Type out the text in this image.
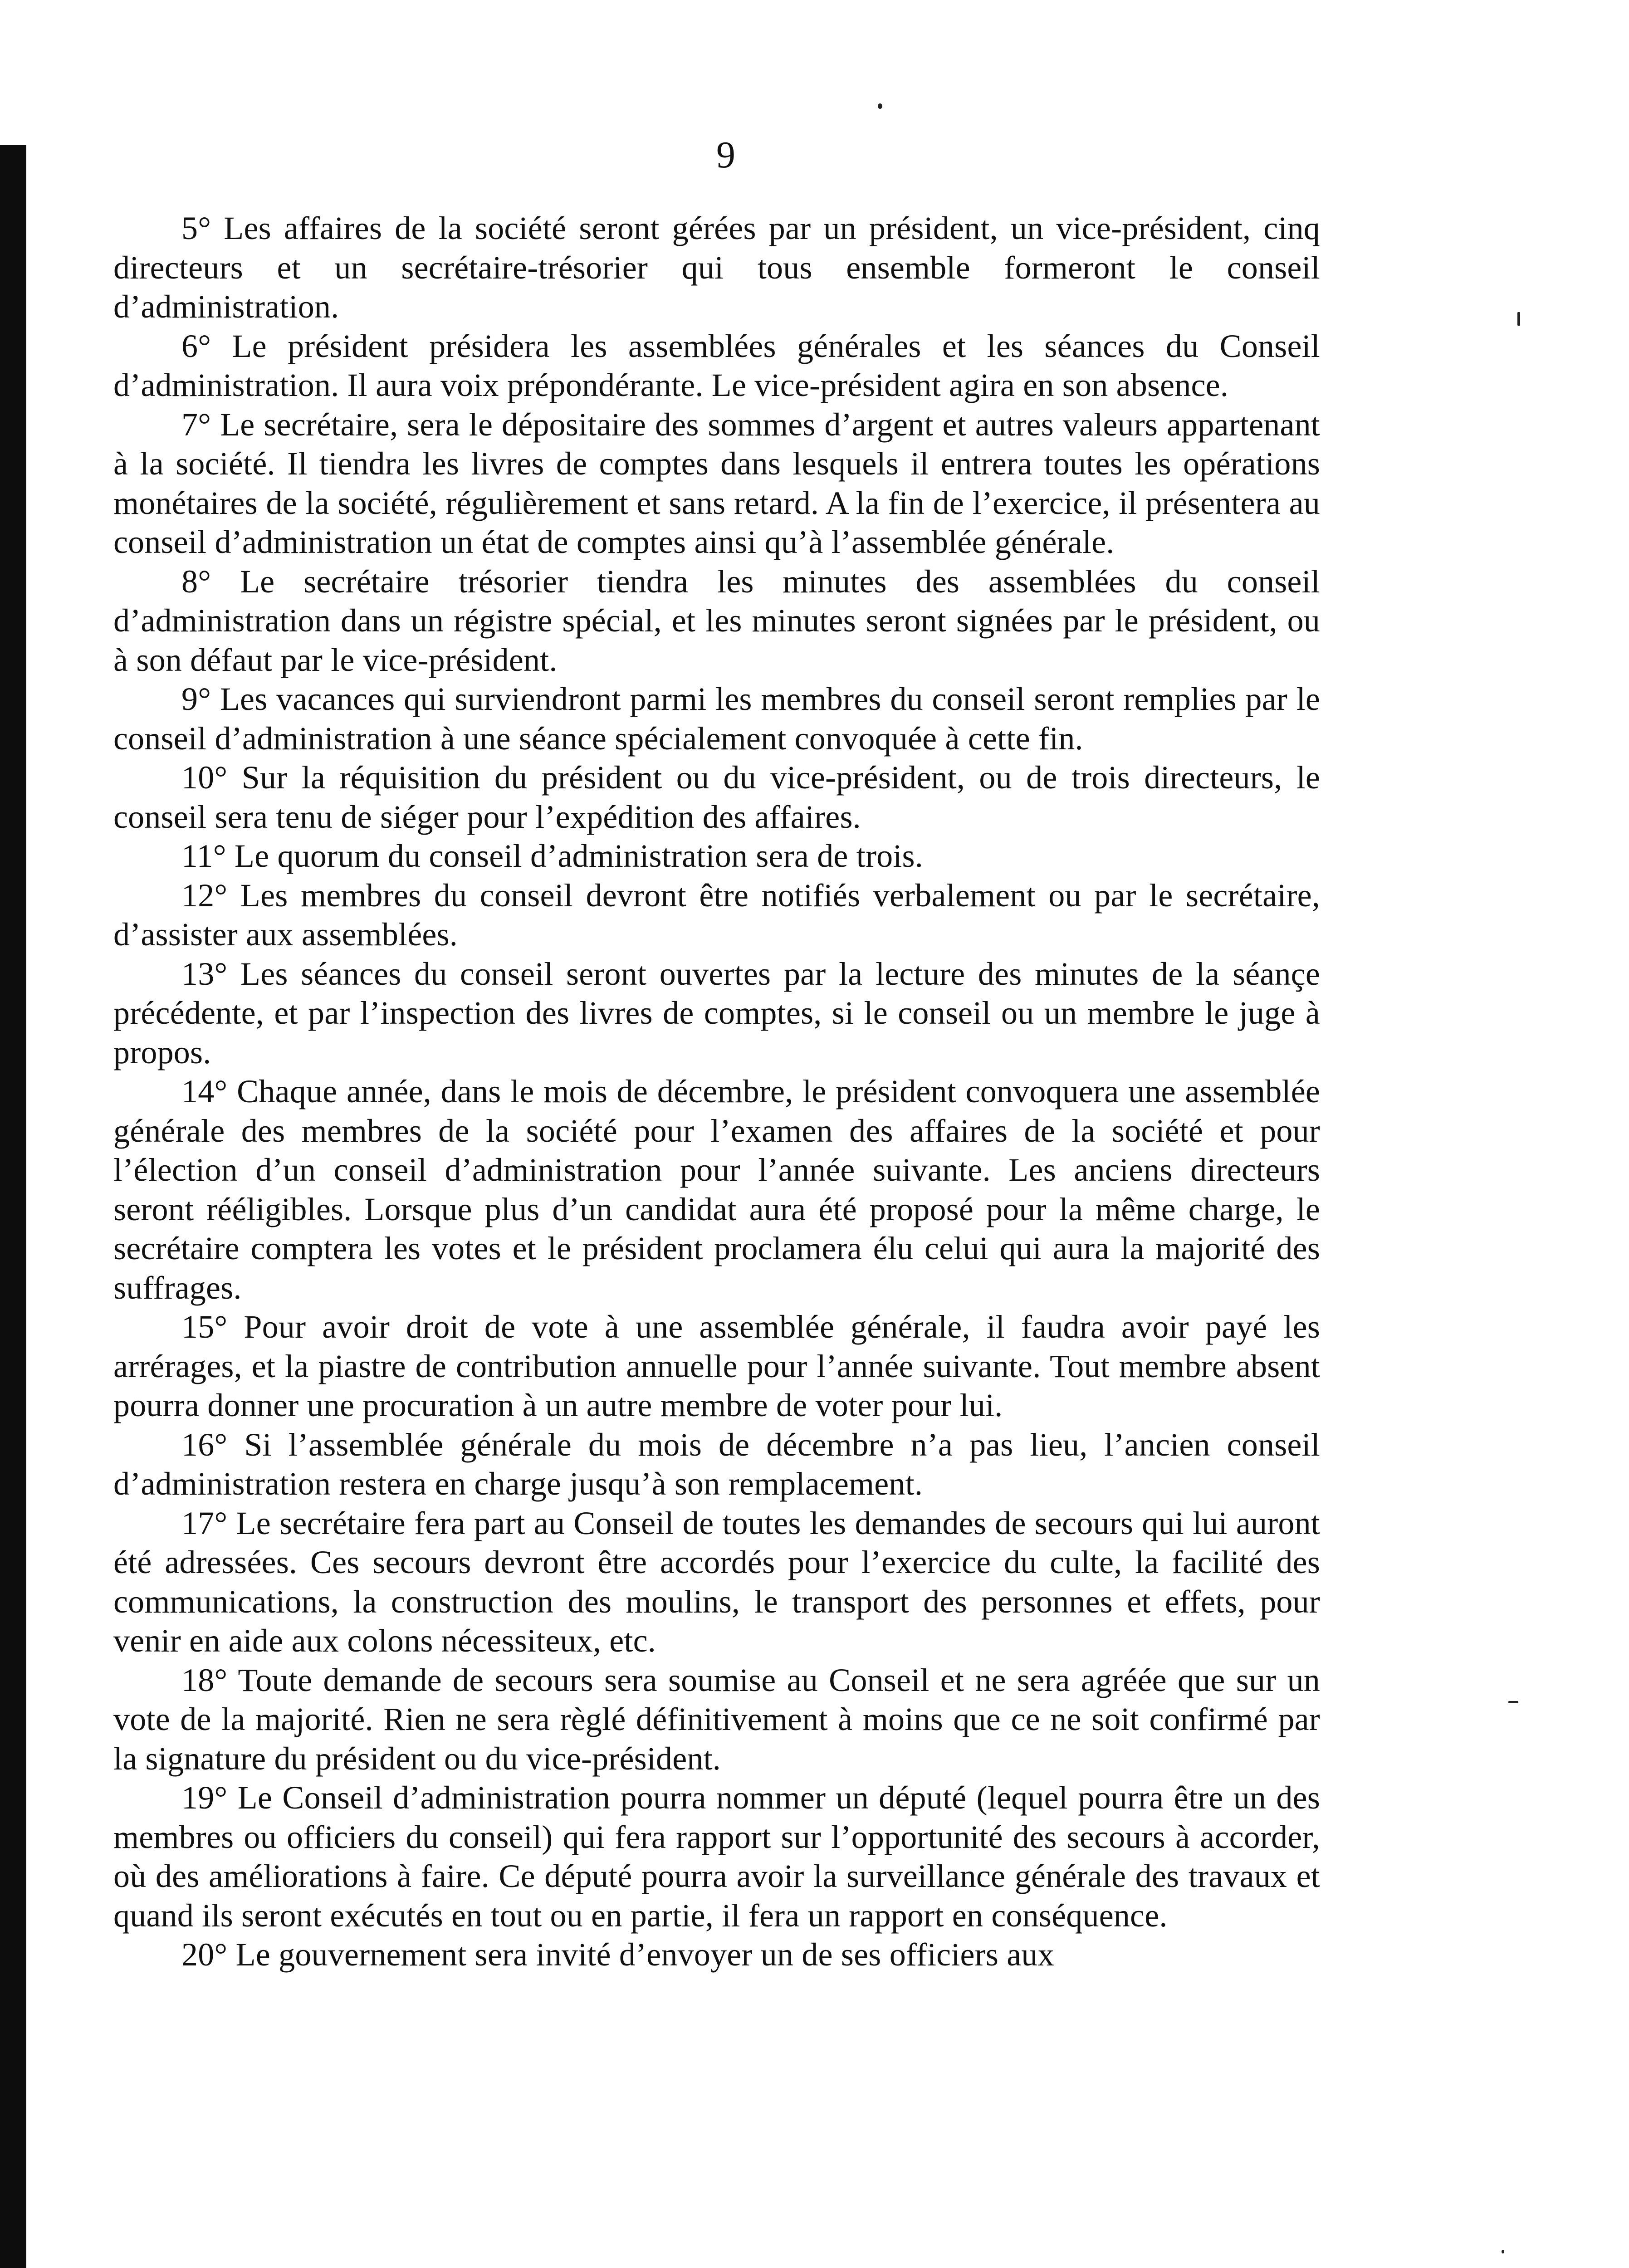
9

5° Les affaires de la société seront gérées par un président, un vice-président, cinq directeurs et un secrétaire-trésorier qui tous ensemble formeront le conseil d’administration.

6° Le président présidera les assemblées générales et les séances du Conseil d’administration. Il aura voix prépondérante. Le vice-président agira en son absence.

7° Le secrétaire, sera le dépositaire des sommes d’argent et autres valeurs appartenant à la société. Il tiendra les livres de comptes dans lesquels il entrera toutes les opérations monétaires de la société, régulièrement et sans retard. A la fin de l’exercice, il présentera au conseil d’administration un état de comptes ainsi qu’à l’assemblée générale.

8° Le secrétaire trésorier tiendra les minutes des assemblées du conseil d’administration dans un régistre spécial, et les minutes seront signées par le président, ou à son défaut par le vice-président.

9° Les vacances qui surviendront parmi les membres du conseil seront remplies par le conseil d’administration à une séance spécialement convoquée à cette fin.

10° Sur la réquisition du président ou du vice-président, ou de trois directeurs, le conseil sera tenu de siéger pour l’expédition des affaires.

11° Le quorum du conseil d’administration sera de trois.

12° Les membres du conseil devront être notifiés verbalement ou par le secrétaire, d’assister aux assemblées.

13° Les séances du conseil seront ouvertes par la lecture des minutes de la séançe précédente, et par l’inspection des livres de comptes, si le conseil ou un membre le juge à propos.

14° Chaque année, dans le mois de décembre, le président convoquera une assemblée générale des membres de la société pour l’examen des affaires de la société et pour l’élection d’un conseil d’administration pour l’année suivante. Les anciens directeurs seront rééligibles. Lorsque plus d’un candidat aura été proposé pour la même charge, le secrétaire comptera les votes et le président proclamera élu celui qui aura la majorité des suffrages.

15° Pour avoir droit de vote à une assemblée générale, il faudra avoir payé les arrérages, et la piastre de contribution annuelle pour l’année suivante. Tout membre absent pourra donner une procuration à un autre membre de voter pour lui.

16° Si l’assemblée générale du mois de décembre n’a pas lieu, l’ancien conseil d’administration restera en charge jusqu’à son remplacement.

17° Le secrétaire fera part au Conseil de toutes les demandes de secours qui lui auront été adressées. Ces secours devront être accordés pour l’exercice du culte, la facilité des communications, la construction des moulins, le transport des personnes et effets, pour venir en aide aux colons nécessiteux, etc.

18° Toute demande de secours sera soumise au Conseil et ne sera agréée que sur un vote de la majorité. Rien ne sera règlé définitivement à moins que ce ne soit confirmé par la signature du président ou du vice-président.

19° Le Conseil d’administration pourra nommer un député (lequel pourra être un des membres ou officiers du conseil) qui fera rapport sur l’opportunité des secours à accorder, où des améliorations à faire. Ce député pourra avoir la surveillance générale des travaux et quand ils seront exécutés en tout ou en partie, il fera un rapport en conséquence.

20° Le gouvernement sera invité d’envoyer un de ses officiers aux
